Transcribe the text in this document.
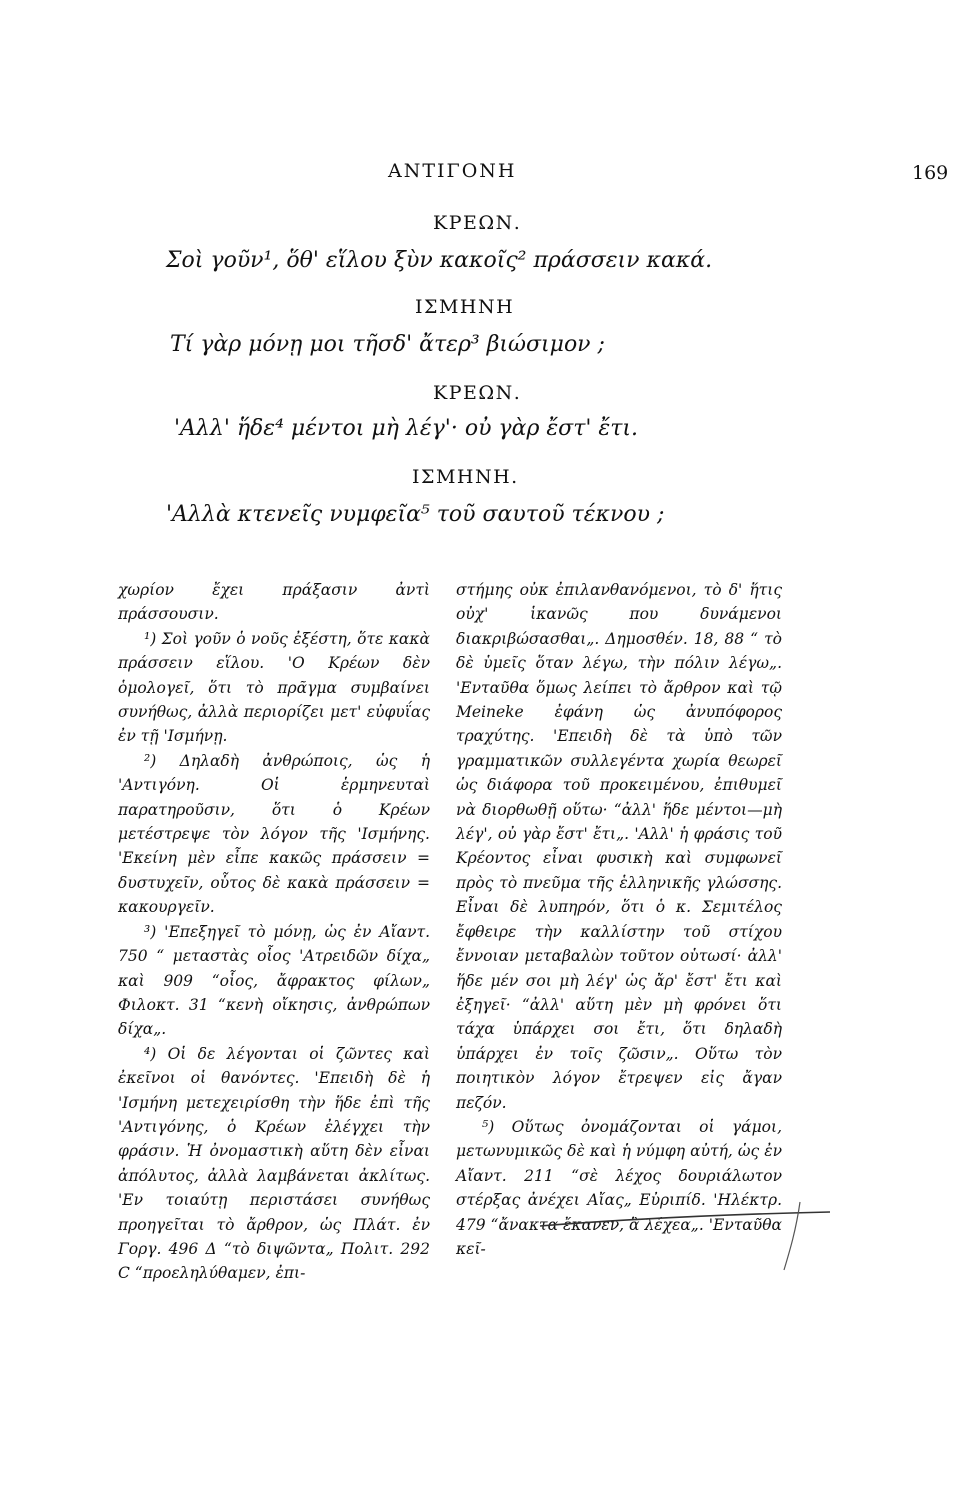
ΑΝΤΙΓΟΝΗ	169
ΚΡΕΩΝ.
Σοὶ γοῦν¹, ὅθ' εἵλου ξὺν κακοῖς² πράσσειν κακά.
ΙΣΜΗΝΗ
Τί γὰρ μόνῃ μοι τῆσδ' ἄτερ³ βιώσιμον ;
ΚΡΕΩΝ.
'Αλλ' ἥδε⁴ μέντοι μὴ λέγ'· οὐ γὰρ ἔστ' ἔτι.
ΙΣΜΗΝΗ.
'Αλλὰ κτενεῖς νυμφεῖα⁵ τοῦ σαυτοῦ τέκνου ;

χωρίον ἔχει πράξασιν ἀντὶ πράσσουσιν.

¹) Σοὶ γοῦν ὁ νοῦς ἐξέστη, ὅτε κακὰ πράσσειν εἵλου. 'Ο Κρέων δὲν ὁμολογεῖ, ὅτι τὸ πρᾶγμα συμβαίνει συνήθως, ἀλλὰ περιορίζει μετ' εὐφυΐας ἐν τῇ 'Ισμήνῃ.

²) Δηλαδὴ ἀνθρώποις, ὡς ἡ 'Αντιγόνη. Οἱ ἑρμηνευταὶ παρατηροῦσιν, ὅτι ὁ Κρέων μετέστρεψε τὸν λόγον τῆς 'Ισμήνης. 'Εκείνη μὲν εἶπε κακῶς πράσσειν = δυστυχεῖν, οὗτος δὲ κακὰ πράσσειν = κακουργεῖν.

³) 'Επεξηγεῖ τὸ μόνῃ, ὡς ἐν Αἴαντ. 750 “ μεταστὰς οἷος 'Ατρειδῶν δίχα„ καὶ 909 “οἷος, ἄφρακτος φίλων„ Φιλοκτ. 31 “κενὴ οἴκησις, ἀνθρώπων δίχα„.

⁴) Οἱ δε λέγονται οἱ ζῶντες καὶ ἐκεῖνοι οἱ θανόντες. 'Επειδὴ δὲ ἡ 'Ισμήνη μετεχειρίσθη τὴν ἥδε ἐπὶ τῆς 'Αντιγόνης, ὁ Κρέων ἐλέγχει τὴν φράσιν. Ἡ ὀνομαστικὴ αὕτη δὲν εἶναι ἀπόλυτος, ἀλλὰ λαμβάνεται ἀκλίτως. 'Εν τοιαύτῃ περιστάσει συνήθως προηγεῖται τὸ ἄρθρον, ὡς Πλάτ. ἐν Γοργ. 496 Δ “τὸ διψῶντα„ Πολιτ. 292 C “προεληλύθαμεν, ἐπι-

στήμης οὐκ ἐπιλανθανόμενοι, τὸ δ' ἥτις οὐχ' ἱκανῶς που δυνάμενοι διακριβώσασθαι„. Δημοσθέν. 18, 88 “ τὸ δὲ ὑμεῖς ὅταν λέγω, τὴν πόλιν λέγω„. 'Ενταῦθα ὅμως λείπει τὸ ἄρθρον καὶ τῷ Meineke ἐφάνη ὡς ἀνυπόφορος τραχύτης. 'Επειδὴ δὲ τὰ ὑπὸ τῶν γραμματικῶν συλλεγέντα χωρία θεωρεῖ ὡς διάφορα τοῦ προκειμένου, ἐπιθυμεῖ νὰ διορθωθῇ οὕτω· “ἀλλ' ἥδε μέντοι—μὴ λέγ', οὐ γὰρ ἔστ' ἔτι„. 'Αλλ' ἡ φράσις τοῦ Κρέοντος εἶναι φυσικὴ καὶ συμφωνεῖ πρὸς τὸ πνεῦμα τῆς ἑλληνικῆς γλώσσης. Εἶναι δὲ λυπηρόν, ὅτι ὁ κ. Σεμιτέλος ἔφθειρε τὴν καλλίστην τοῦ στίχου ἔννοιαν μεταβαλὼν τοῦτον οὑτωσί· ἀλλ' ἥδε μέν σοι μὴ λέγ' ὡς ἄρ' ἔστ' ἔτι καὶ ἐξηγεῖ· “ἀλλ' αὕτη μὲν μὴ φρόνει ὅτι τάχα ὑπάρχει σοι ἔτι, ὅτι δηλαδὴ ὑπάρχει ἐν τοῖς ζῶσιν„. Οὕτω τὸν ποιητικὸν λόγον ἔτρεψεν εἰς ἄγαν πεζόν.

⁵) Οὕτως ὀνομάζονται οἱ γάμοι, μετωνυμικῶς δὲ καὶ ἡ νύμφη αὐτή, ὡς ἐν Αἴαντ. 211 “σὲ λέχος δουριάλωτον στέρξας ἀνέχει Αἴας„ Εὐριπίδ. 'Ηλέκτρ. 479 “ἄνακτα ἔκανεν, ἃ λέχεα„. 'Ενταῦθα κεῖ-
